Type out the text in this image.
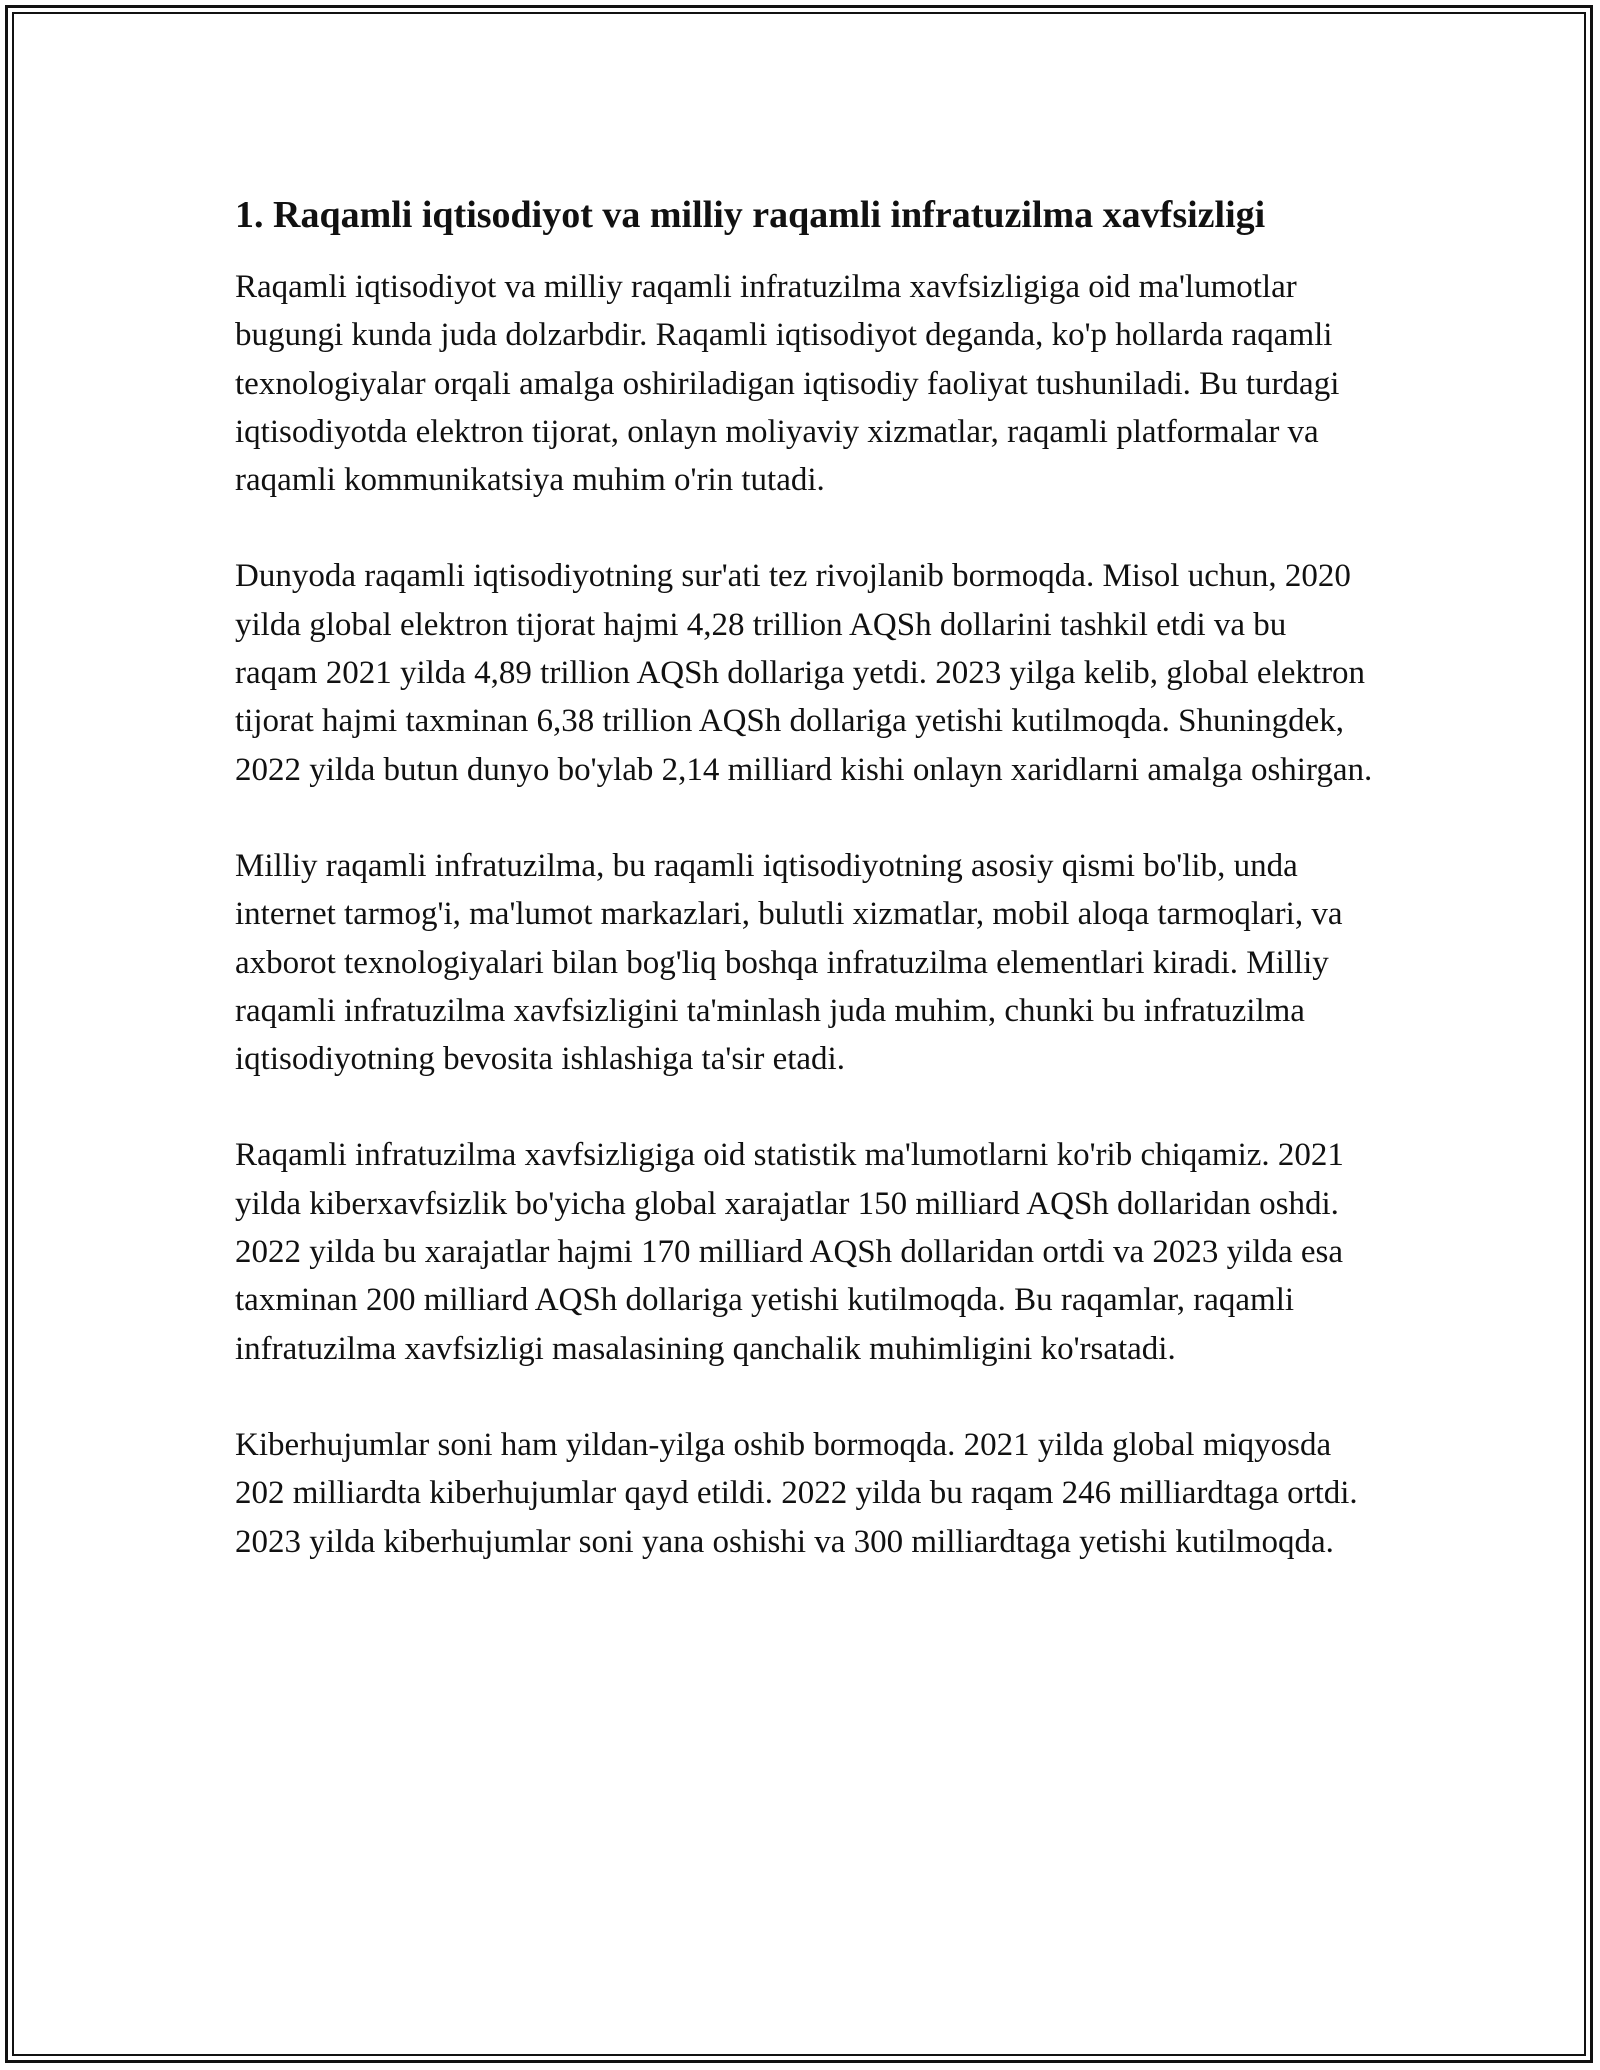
1. Raqamli iqtisodiyot va milliy raqamli infratuzilma xavfsizligi

Raqamli iqtisodiyot va milliy raqamli infratuzilma xavfsizligiga oid ma'lumotlar bugungi kunda juda dolzarbdir. Raqamli iqtisodiyot deganda, ko'p hollarda raqamli texnologiyalar orqali amalga oshiriladigan iqtisodiy faoliyat tushuniladi. Bu turdagi iqtisodiyotda elektron tijorat, onlayn moliyaviy xizmatlar, raqamli platformalar va raqamli kommunikatsiya muhim o'rin tutadi.

Dunyoda raqamli iqtisodiyotning sur'ati tez rivojlanib bormoqda. Misol uchun, 2020 yilda global elektron tijorat hajmi 4,28 trillion AQSh dollarini tashkil etdi va bu raqam 2021 yilda 4,89 trillion AQSh dollariga yetdi. 2023 yilga kelib, global elektron tijorat hajmi taxminan 6,38 trillion AQSh dollariga yetishi kutilmoqda. Shuningdek, 2022 yilda butun dunyo bo'ylab 2,14 milliard kishi onlayn xaridlarni amalga oshirgan.

Milliy raqamli infratuzilma, bu raqamli iqtisodiyotning asosiy qismi bo'lib, unda internet tarmog'i, ma'lumot markazlari, bulutli xizmatlar, mobil aloqa tarmoqlari, va axborot texnologiyalari bilan bog'liq boshqa infratuzilma elementlari kiradi. Milliy raqamli infratuzilma xavfsizligini ta'minlash juda muhim, chunki bu infratuzilma iqtisodiyotning bevosita ishlashiga ta'sir etadi.

Raqamli infratuzilma xavfsizligiga oid statistik ma'lumotlarni ko'rib chiqamiz. 2021 yilda kiberxavfsizlik bo'yicha global xarajatlar 150 milliard AQSh dollaridan oshdi. 2022 yilda bu xarajatlar hajmi 170 milliard AQSh dollaridan ortdi va 2023 yilda esa taxminan 200 milliard AQSh dollariga yetishi kutilmoqda. Bu raqamlar, raqamli infratuzilma xavfsizligi masalasining qanchalik muhimligini ko'rsatadi.

Kiberhujumlar soni ham yildan-yilga oshib bormoqda. 2021 yilda global miqyosda 202 milliardta kiberhujumlar qayd etildi. 2022 yilda bu raqam 246 milliardtaga ortdi. 2023 yilda kiberhujumlar soni yana oshishi va 300 milliardtaga yetishi kutilmoqda.
